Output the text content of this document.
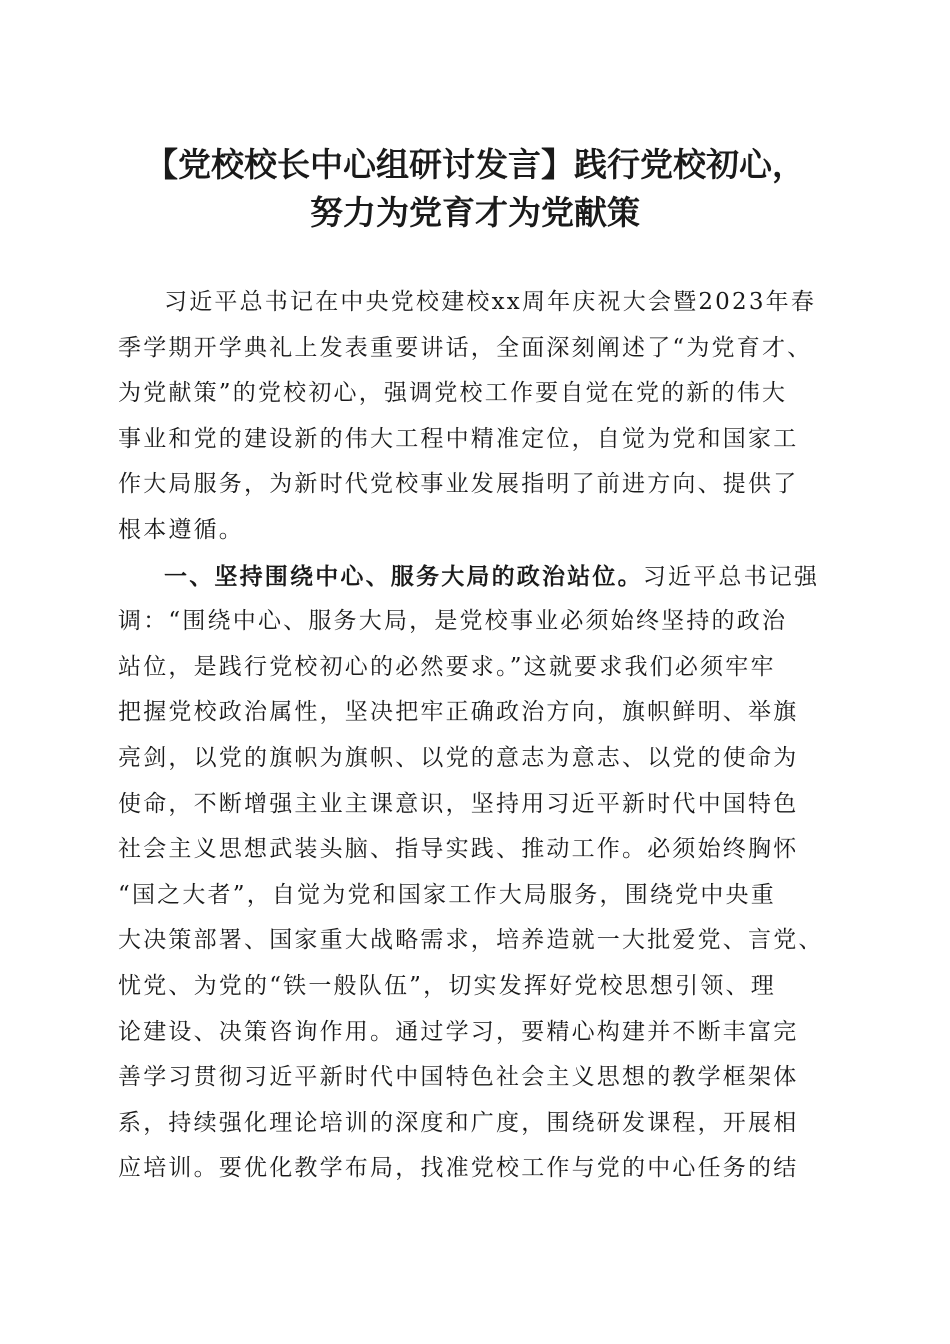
【党校校长中心组研讨发言】践行党校初心，
努力为党育才为党献策
习近平总书记在中央党校建校xx周年庆祝大会暨2023年春
季学期开学典礼上发表重要讲话，全面深刻阐述了“为党育才、
为党献策”的党校初心，强调党校工作要自觉在党的新的伟大
事业和党的建设新的伟大工程中精准定位，自觉为党和国家工
作大局服务，为新时代党校事业发展指明了前进方向、提供了
根本遵循。
一、坚持围绕中心、服务大局的政治站位。习近平总书记强
调：“围绕中心、服务大局，是党校事业必须始终坚持的政治
站位，是践行党校初心的必然要求。”这就要求我们必须牢牢
把握党校政治属性，坚决把牢正确政治方向，旗帜鲜明、举旗
亮剑，以党的旗帜为旗帜、以党的意志为意志、以党的使命为
使命，不断增强主业主课意识，坚持用习近平新时代中国特色
社会主义思想武装头脑、指导实践、推动工作。必须始终胸怀
“国之大者”，自觉为党和国家工作大局服务，围绕党中央重
大决策部署、国家重大战略需求，培养造就一大批爱党、言党、
忧党、为党的“铁一般队伍”，切实发挥好党校思想引领、理
论建设、决策咨询作用。通过学习，要精心构建并不断丰富完
善学习贯彻习近平新时代中国特色社会主义思想的教学框架体
系，持续强化理论培训的深度和广度，围绕研发课程，开展相
应培训。要优化教学布局，找准党校工作与党的中心任务的结
